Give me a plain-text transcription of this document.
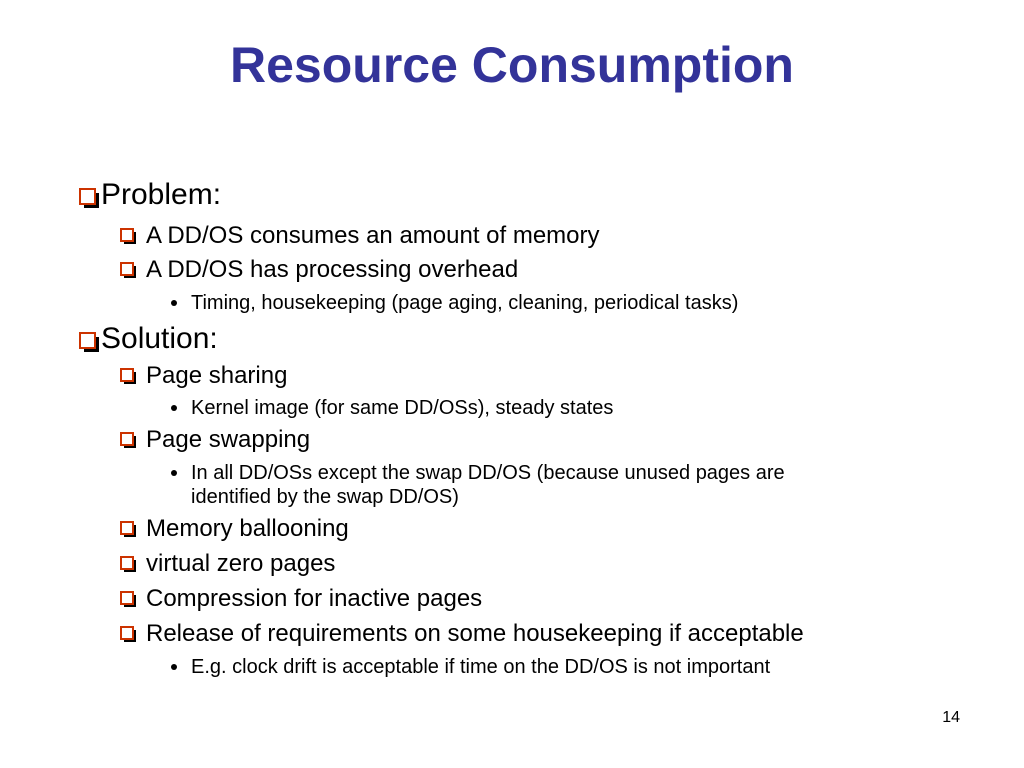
Resource Consumption
Problem:
A DD/OS consumes an amount of memory
A DD/OS has processing overhead
Timing, housekeeping (page aging, cleaning, periodical tasks)
Solution:
Page sharing
Kernel image (for same DD/OSs), steady states
Page swapping
In all DD/OSs except the swap DD/OS (because unused pages are
identified by the swap DD/OS)
Memory ballooning
virtual zero pages
Compression for inactive pages
Release of requirements on some housekeeping if acceptable
E.g. clock drift is acceptable if time on the DD/OS is not important
14
